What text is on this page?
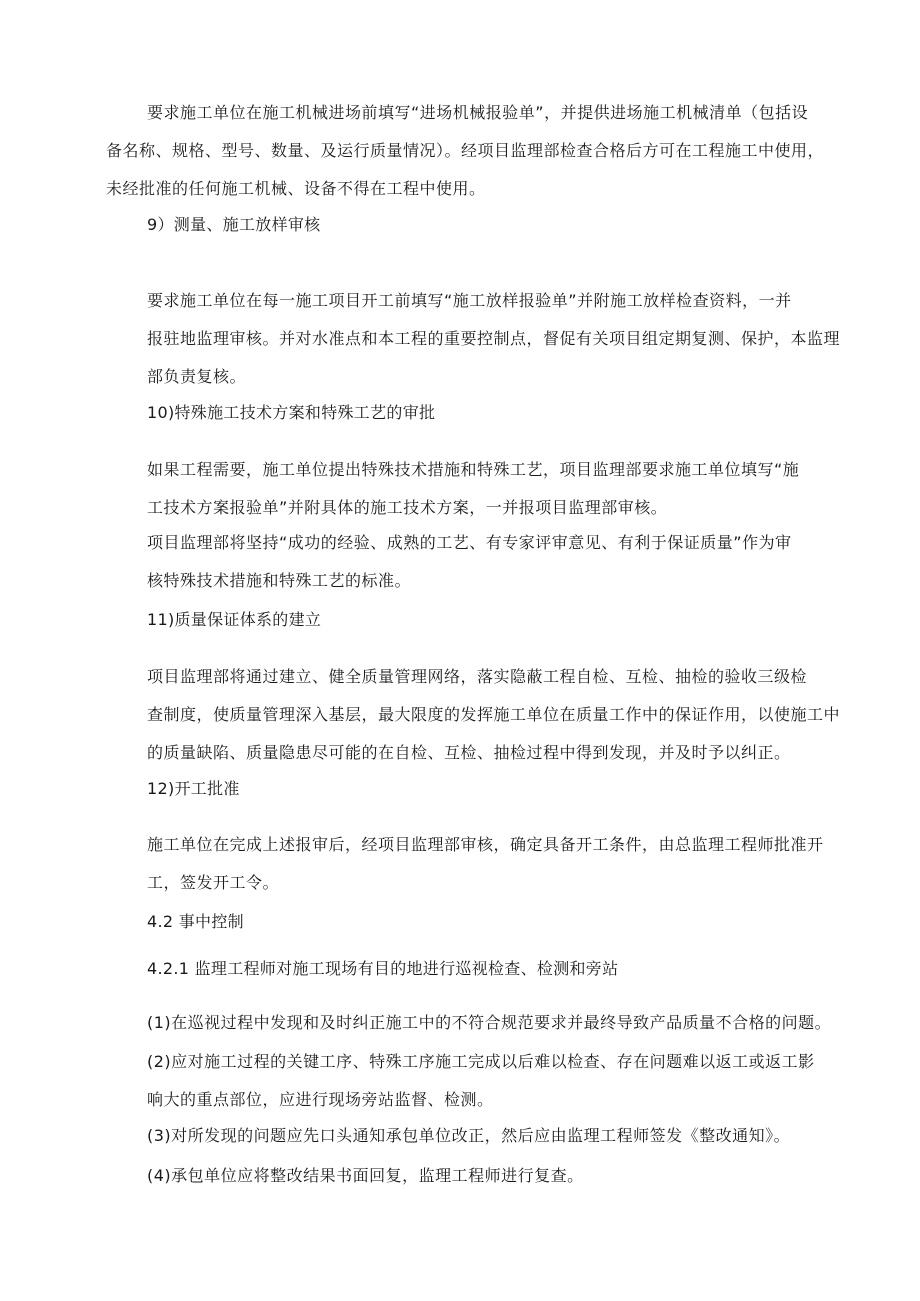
要求施工单位在施工机械进场前填写“进场机械报验单”，并提供进场施工机械清单（包括设
备名称、规格、型号、数量、及运行质量情况）。经项目监理部检查合格后方可在工程施工中使用，
未经批准的任何施工机械、设备不得在工程中使用。
9）测量、施工放样审核
要求施工单位在每一施工项目开工前填写“施工放样报验单”并附施工放样检查资料，一并
报驻地监理审核。并对水准点和本工程的重要控制点，督促有关项目组定期复测、保护，本监理
部负责复核。
10)特殊施工技术方案和特殊工艺的审批
如果工程需要，施工单位提出特殊技术措施和特殊工艺，项目监理部要求施工单位填写“施
工技术方案报验单”并附具体的施工技术方案，一并报项目监理部审核。
项目监理部将坚持“成功的经验、成熟的工艺、有专家评审意见、有利于保证质量”作为审
核特殊技术措施和特殊工艺的标准。
11)质量保证体系的建立
项目监理部将通过建立、健全质量管理网络，落实隐蔽工程自检、互检、抽检的验收三级检
查制度，使质量管理深入基层，最大限度的发挥施工单位在质量工作中的保证作用，以使施工中
的质量缺陷、质量隐患尽可能的在自检、互检、抽检过程中得到发现，并及时予以纠正。
12)开工批准
施工单位在完成上述报审后，经项目监理部审核，确定具备开工条件，由总监理工程师批准开
工，签发开工令。
4.2 事中控制
4.2.1 监理工程师对施工现场有目的地进行巡视检查、检测和旁站
(1)在巡视过程中发现和及时纠正施工中的不符合规范要求并最终导致产品质量不合格的问题。
(2)应对施工过程的关键工序、特殊工序施工完成以后难以检查、存在问题难以返工或返工影
响大的重点部位，应进行现场旁站监督、检测。
(3)对所发现的问题应先口头通知承包单位改正，然后应由监理工程师签发《整改通知》。
(4)承包单位应将整改结果书面回复，监理工程师进行复查。
